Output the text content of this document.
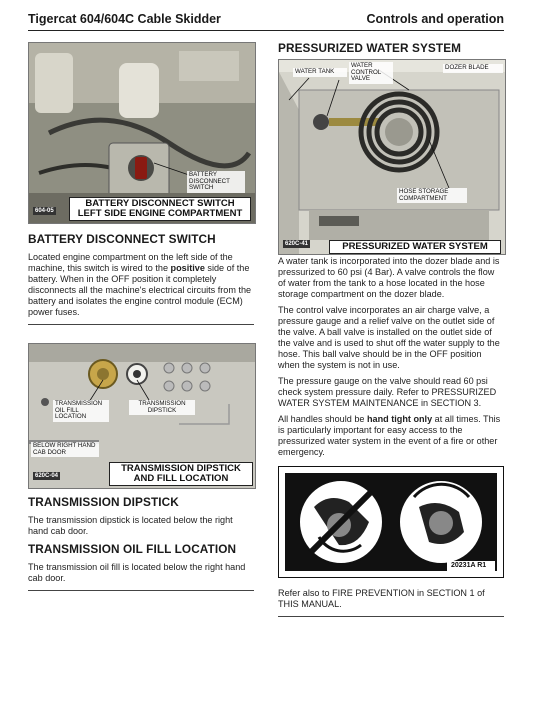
Tigercat 604/604C Cable Skidder	Controls and operation
BATTERY DISCONNECT SWITCH
604-05
BATTERY DISCONNECT SWITCH
LEFT SIDE ENGINE COMPARTMENT
BATTERY DISCONNECT SWITCH

Located engine compartment on the left side of the machine, this switch is wired to the positive side of the battery. When in the OFF position it completely disconnects all the machine's electrical circuits from the battery and isolates the engine control module (ECM) power fuses.

TRANSMISSION OIL FILL LOCATION
TRANSMISSION DIPSTICK
BELOW RIGHT HAND CAB DOOR
620C-04
TRANSMISSION DIPSTICK
AND FILL LOCATION
TRANSMISSION DIPSTICK

The transmission dipstick is located below the right hand cab door.

TRANSMISSION OIL FILL LOCATION

The transmission oil fill is located below the right hand cab door.

PRESSURIZED WATER SYSTEM
WATER TANK
WATER CONTROL VALVE
DOZER BLADE
HOSE STORAGE COMPARTMENT
620C-41	PRESSURIZED WATER SYSTEM

A water tank is incorporated into the dozer blade and is pressurized to 60 psi (4 Bar). A valve controls the flow of water from the tank to a hose located in the hose storage compartment on the dozer blade.

The control valve incorporates an air charge valve, a pressure gauge and a relief valve on the outlet side of the valve. A ball valve is installed on the outlet side of the valve and is used to shut off the water supply to the hose. This ball valve should be in the OFF position when the system is not in use.

The pressure gauge on the valve should read 60 psi check system pressure daily. Refer to PRESSURIZED WATER SYSTEM MAINTENANCE in SECTION 3.

All handles should be hand tight only at all times. This is particularly important for easy access to the pressurized water system in the event of a fire or other emergency.

20231A R1

Refer also to FIRE PREVENTION in SECTION 1 of THIS MANUAL.
